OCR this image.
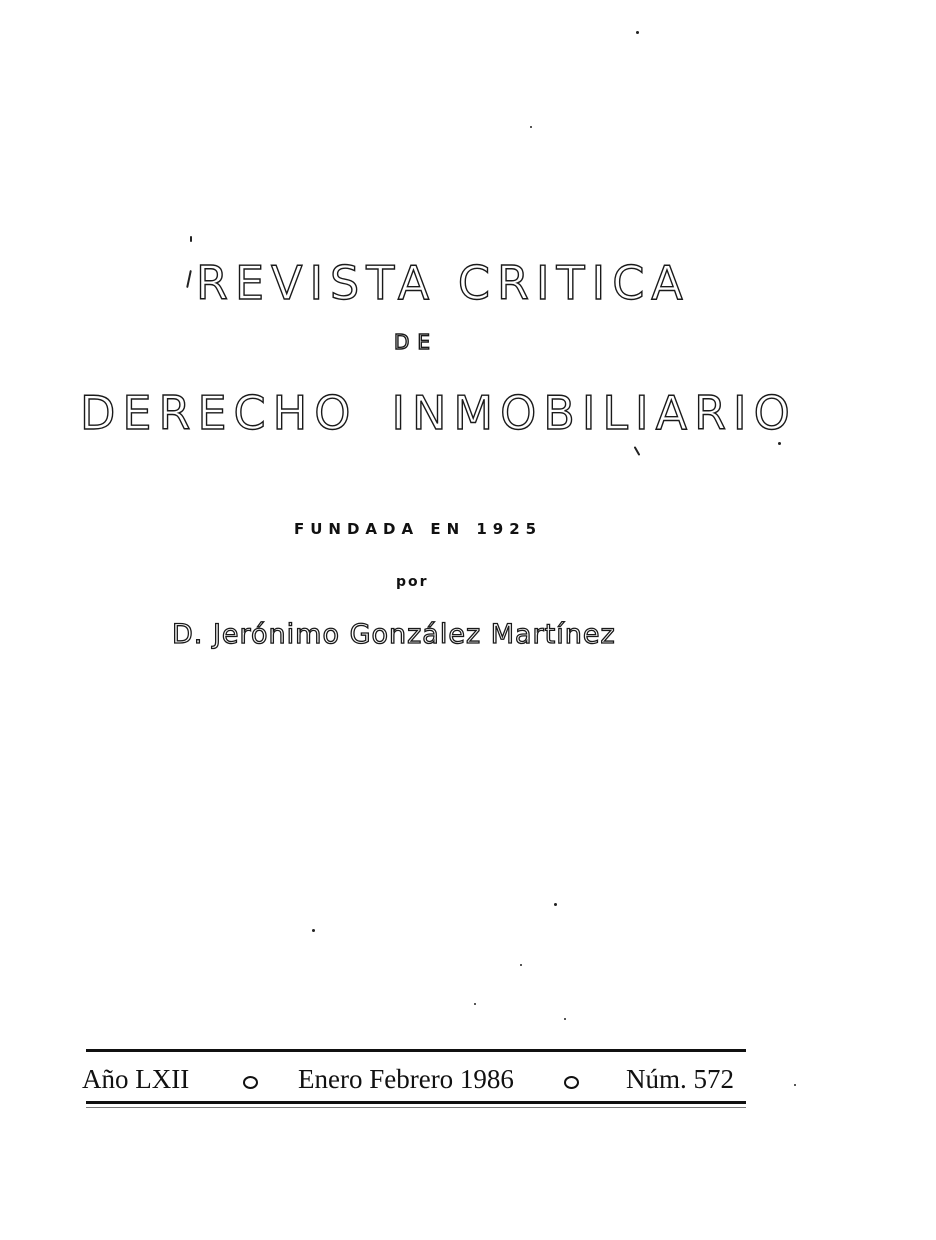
REVISTA CRITICA
DE
DERECHO INMOBILIARIO
FUNDADA EN 1925
por
D. Jerónimo González Martínez
Año LXII	Enero Febrero 1986	Núm. 572
